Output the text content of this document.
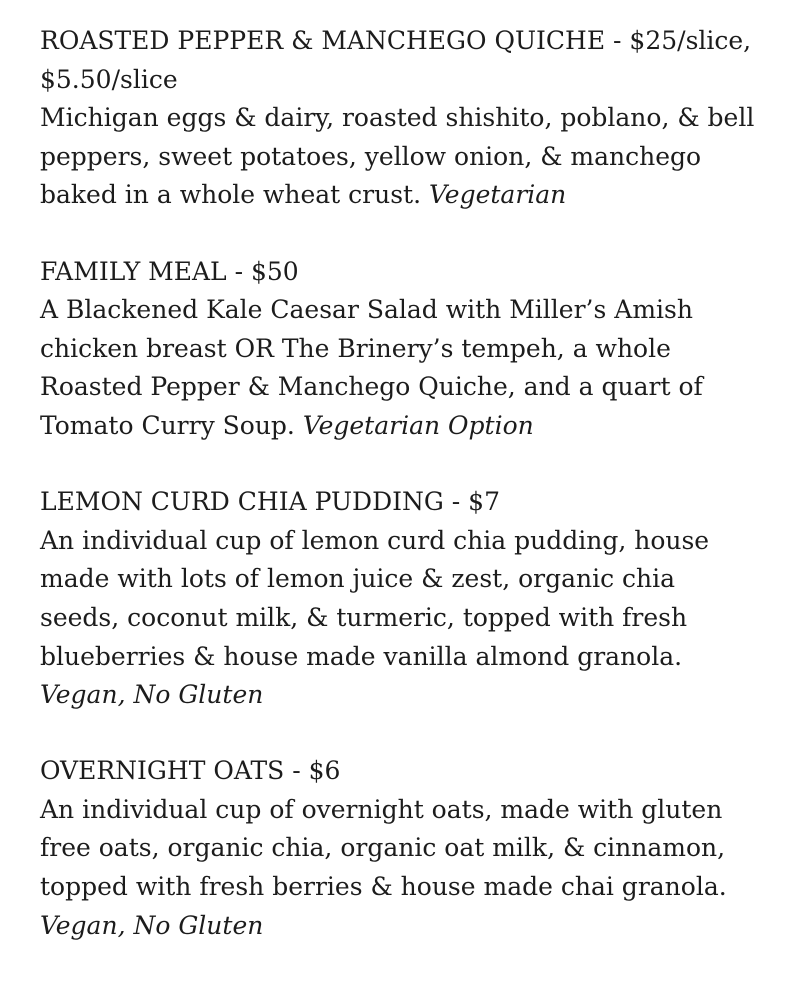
ROASTED PEPPER & MANCHEGO QUICHE - $25/slice, $5.50/slice

Michigan eggs & dairy, roasted shishito, poblano, & bell peppers, sweet potatoes, yellow onion, & manchego baked in a whole wheat crust. Vegetarian

FAMILY MEAL - $50

A Blackened Kale Caesar Salad with Miller’s Amish chicken breast OR The Brinery’s tempeh, a whole Roasted Pepper & Manchego Quiche, and a quart of Tomato Curry Soup. Vegetarian Option

LEMON CURD CHIA PUDDING - $7

An individual cup of lemon curd chia pudding, house made with lots of lemon juice & zest, organic chia seeds, coconut milk, & turmeric, topped with fresh blueberries & house made vanilla almond granola. Vegan, No Gluten

OVERNIGHT OATS - $6

An individual cup of overnight oats, made with gluten free oats, organic chia, organic oat milk, & cinnamon, topped with fresh berries & house made chai granola. Vegan, No Gluten
